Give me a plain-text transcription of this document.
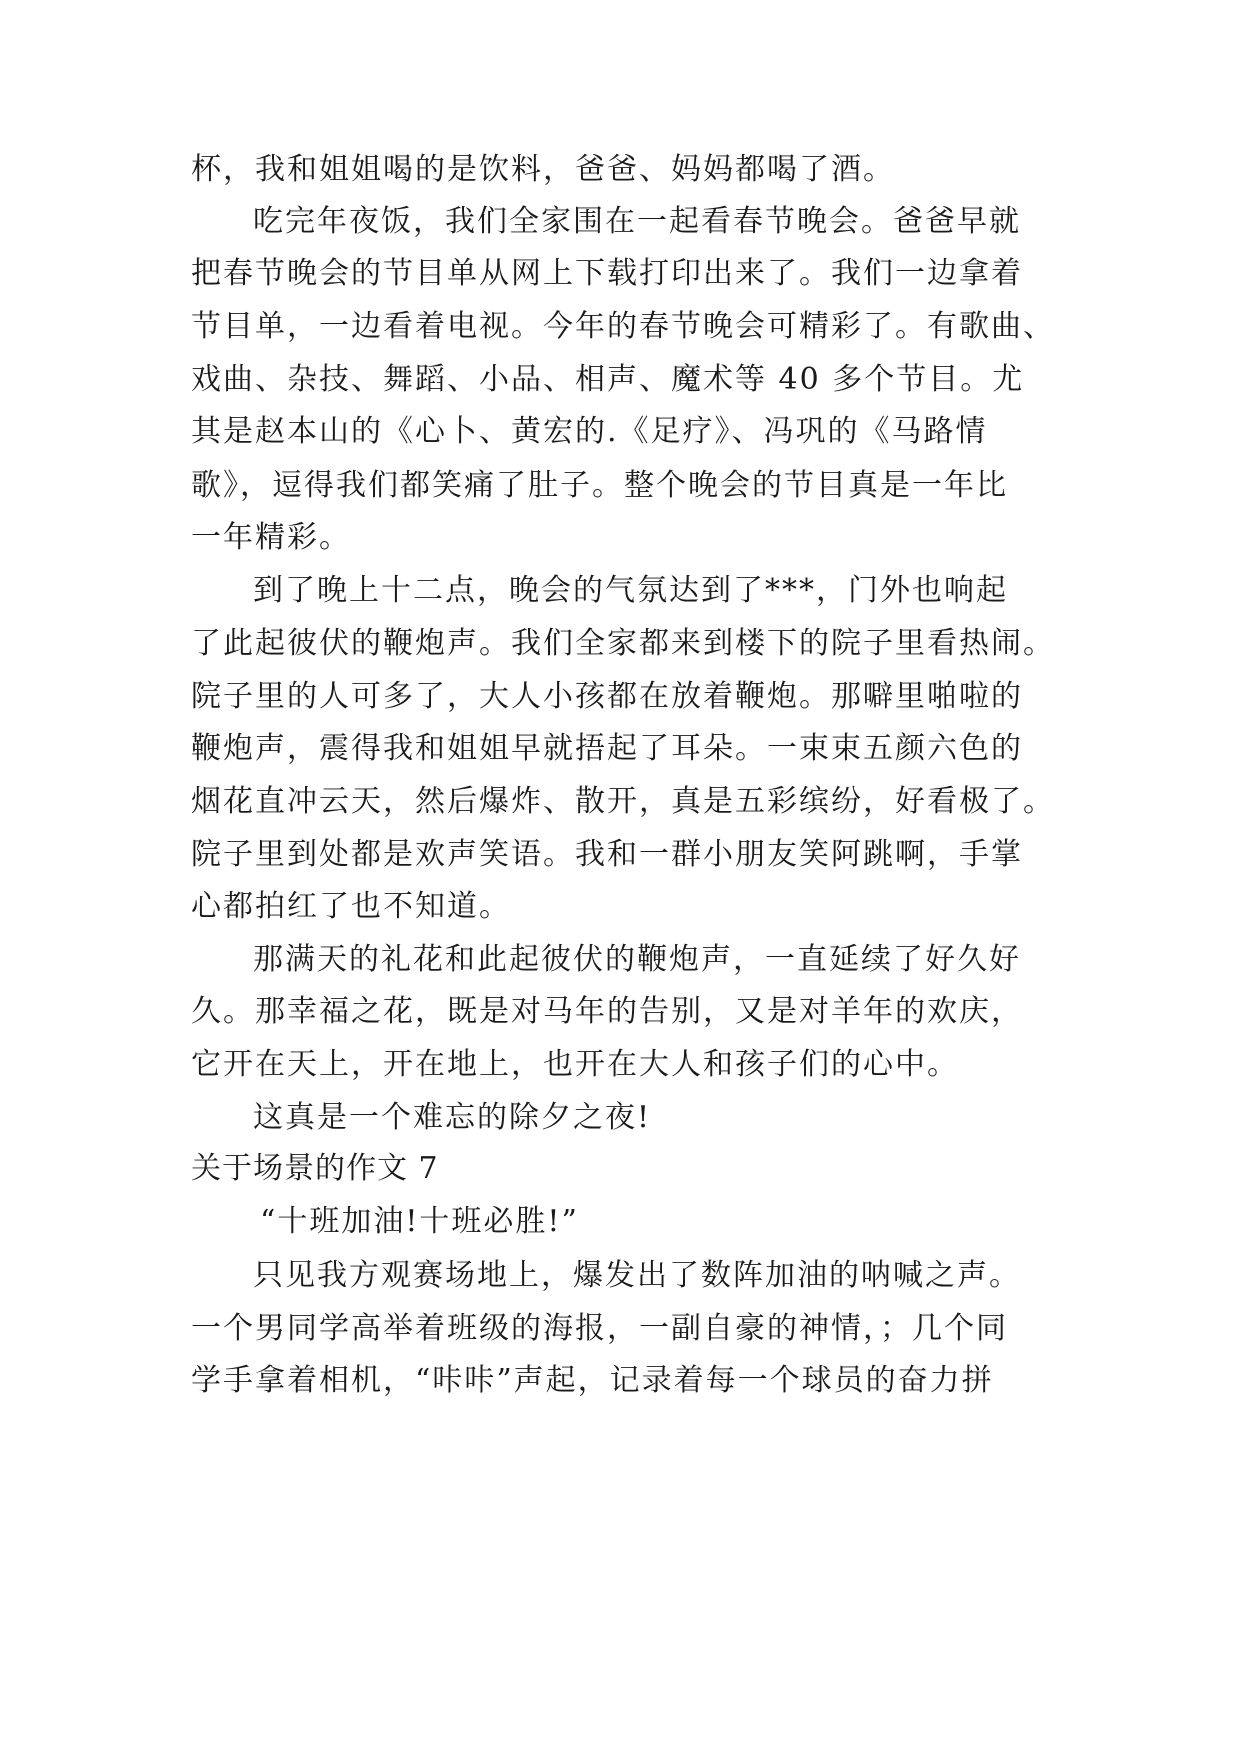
杯，我和姐姐喝的是饮料，爸爸、妈妈都喝了酒。
吃完年夜饭，我们全家围在一起看春节晚会。爸爸早就
把春节晚会的节目单从网上下载打印出来了。我们一边拿着
节目单，一边看着电视。今年的春节晚会可精彩了。有歌曲、
戏曲、杂技、舞蹈、小品、相声、魔术等 40 多个节目。尤
其是赵本山的《心卜、黄宏的.《足疗》、冯巩的《马路情
歌》，逗得我们都笑痛了肚子。整个晚会的节目真是一年比
一年精彩。
到了晚上十二点，晚会的气氛达到了***，门外也响起
了此起彼伏的鞭炮声。我们全家都来到楼下的院子里看热闹。
院子里的人可多了，大人小孩都在放着鞭炮。那噼里啪啦的
鞭炮声，震得我和姐姐早就捂起了耳朵。一束束五颜六色的
烟花直冲云天，然后爆炸、散开，真是五彩缤纷，好看极了。
院子里到处都是欢声笑语。我和一群小朋友笑阿跳啊，手掌
心都拍红了也不知道。
那满天的礼花和此起彼伏的鞭炮声，一直延续了好久好
久。那幸福之花，既是对马年的告别，又是对羊年的欢庆，
它开在天上，开在地上，也开在大人和孩子们的心中。
这真是一个难忘的除夕之夜!
关于场景的作文 7
“十班加油!十班必胜!”
只见我方观赛场地上，爆发出了数阵加油的呐喊之声。
一个男同学高举着班级的海报，一副自豪的神情，；几个同
学手拿着相机，“咔咔”声起，记录着每一个球员的奋力拼
